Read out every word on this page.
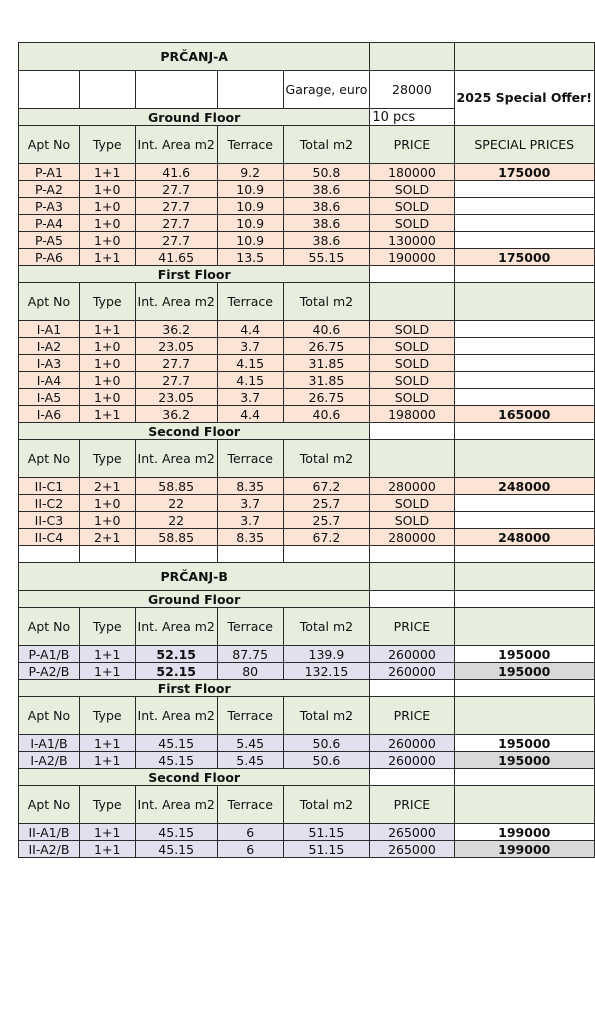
PRČANJ-A						
				Garage, euro	28000	2025 Special Offer!
Ground Floor					10 pcs	
Apt No	Type	Int. Area m2	Terrace	Total m2	PRICE	SPECIAL PRICES
P-A1	1+1	41.6	9.2	50.8	180000	175000
P-A2	1+0	27.7	10.9	38.6	SOLD	
P-A3	1+0	27.7	10.9	38.6	SOLD	
P-A4	1+0	27.7	10.9	38.6	SOLD	
P-A5	1+0	27.7	10.9	38.6	130000	
P-A6	1+1	41.65	13.5	55.15	190000	175000
First Floor						
Apt No	Type	Int. Area m2	Terrace	Total m2		
I-A1	1+1	36.2	4.4	40.6	SOLD	
I-A2	1+0	23.05	3.7	26.75	SOLD	
I-A3	1+0	27.7	4.15	31.85	SOLD	
I-A4	1+0	27.7	4.15	31.85	SOLD	
I-A5	1+0	23.05	3.7	26.75	SOLD	
I-A6	1+1	36.2	4.4	40.6	198000	165000
Second Floor						
Apt No	Type	Int. Area m2	Terrace	Total m2		
II-C1	2+1	58.85	8.35	67.2	280000	248000
II-C2	1+0	22	3.7	25.7	SOLD	
II-C3	1+0	22	3.7	25.7	SOLD	
II-C4	2+1	58.85	8.35	67.2	280000	248000

PRČANJ-B						
Ground Floor						
Apt No	Type	Int. Area m2	Terrace	Total m2	PRICE	
P-A1/B	1+1	52.15	87.75	139.9	260000	195000
P-A2/B	1+1	52.15	80	132.15	260000	195000
First Floor						
Apt No	Type	Int. Area m2	Terrace	Total m2	PRICE	
I-A1/B	1+1	45.15	5.45	50.6	260000	195000
I-A2/B	1+1	45.15	5.45	50.6	260000	195000
Second Floor						
Apt No	Type	Int. Area m2	Terrace	Total m2	PRICE	
II-A1/B	1+1	45.15	6	51.15	265000	199000
II-A2/B	1+1	45.15	6	51.15	265000	199000
